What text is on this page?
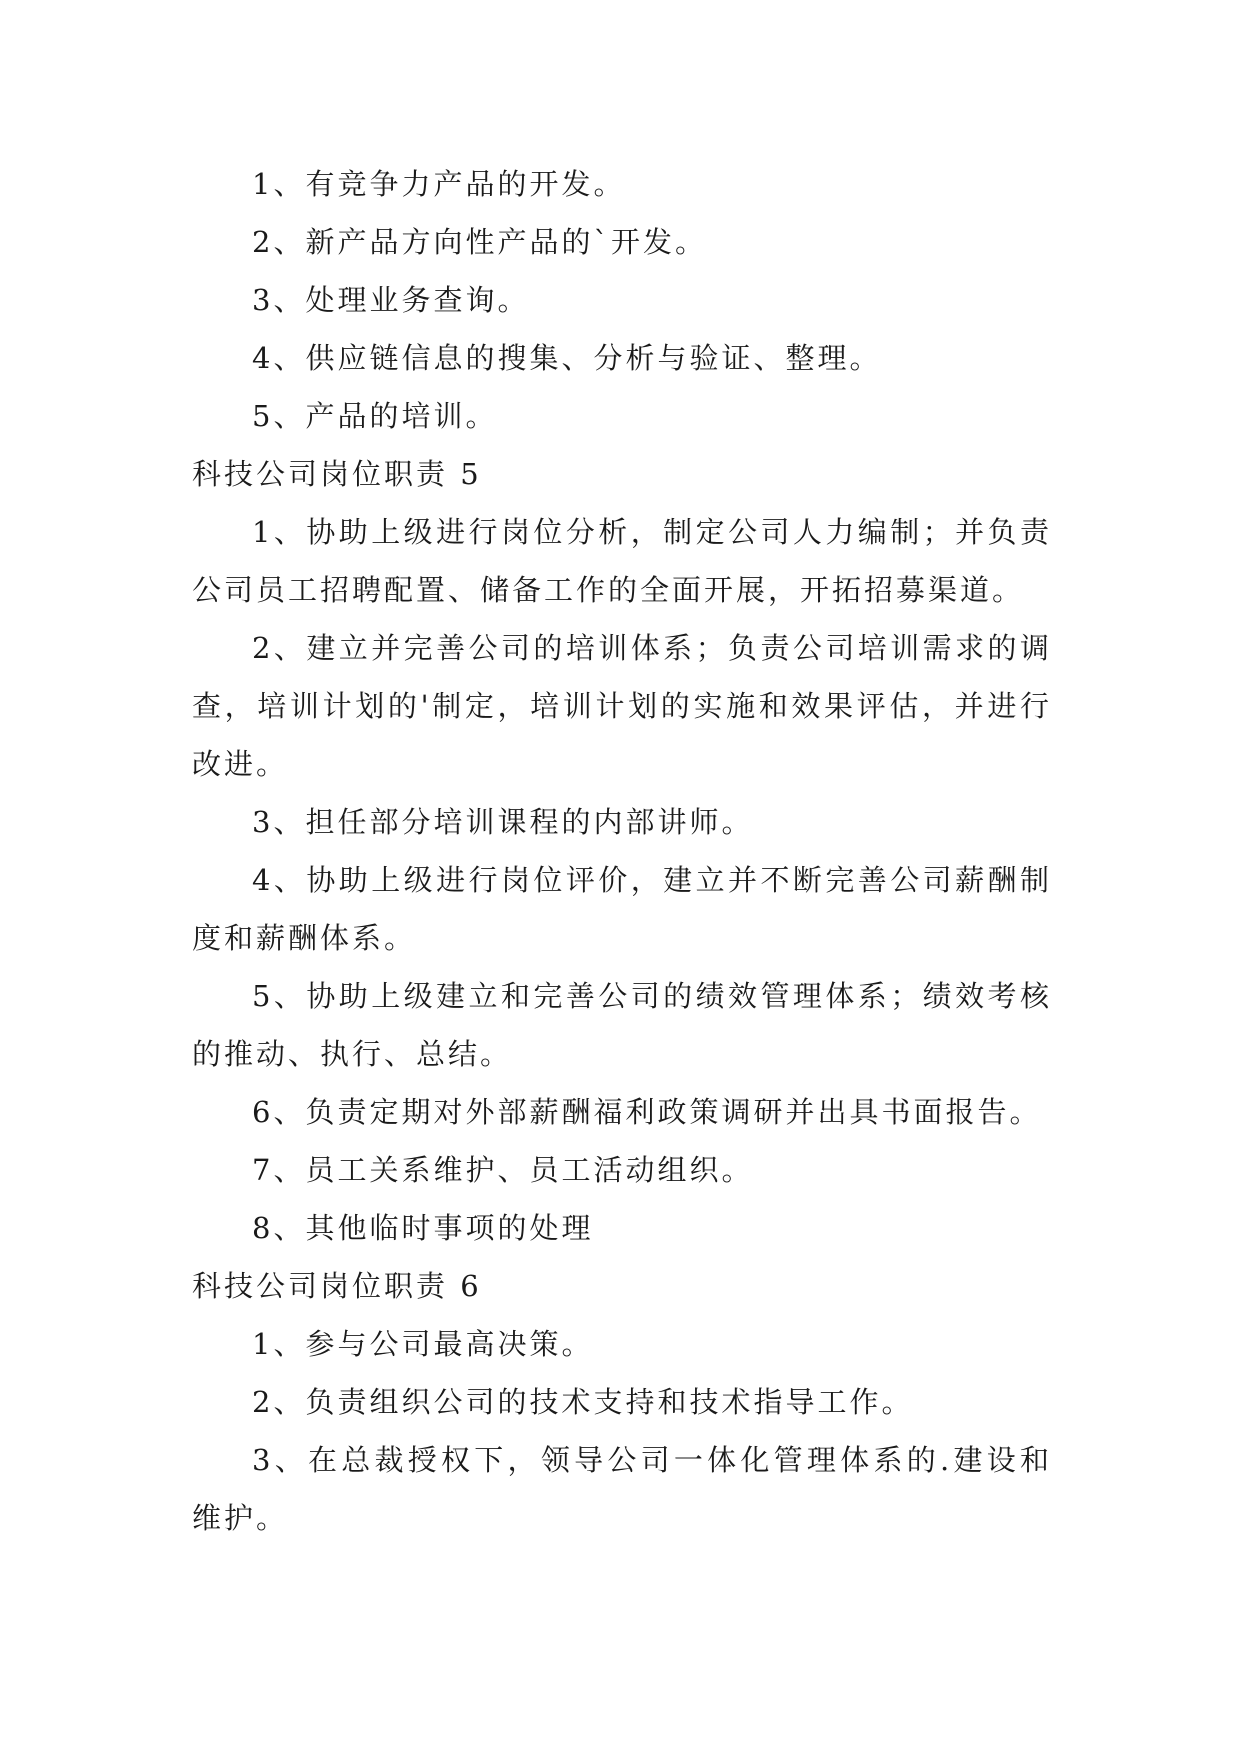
1、有竞争力产品的开发。

2、新产品方向性产品的`开发。

3、处理业务查询。

4、供应链信息的搜集、分析与验证、整理。

5、产品的培训。

科技公司岗位职责 5

1、协助上级进行岗位分析，制定公司人力编制；并负责公司员工招聘配置、储备工作的全面开展，开拓招募渠道。

2、建立并完善公司的培训体系；负责公司培训需求的调查，培训计划的'制定，培训计划的实施和效果评估，并进行改进。

3、担任部分培训课程的内部讲师。

4、协助上级进行岗位评价，建立并不断完善公司薪酬制度和薪酬体系。

5、协助上级建立和完善公司的绩效管理体系；绩效考核的推动、执行、总结。

6、负责定期对外部薪酬福利政策调研并出具书面报告。

7、员工关系维护、员工活动组织。

8、其他临时事项的处理

科技公司岗位职责 6

1、参与公司最高决策。

2、负责组织公司的技术支持和技术指导工作。

3、在总裁授权下，领导公司一体化管理体系的.建设和维护。
